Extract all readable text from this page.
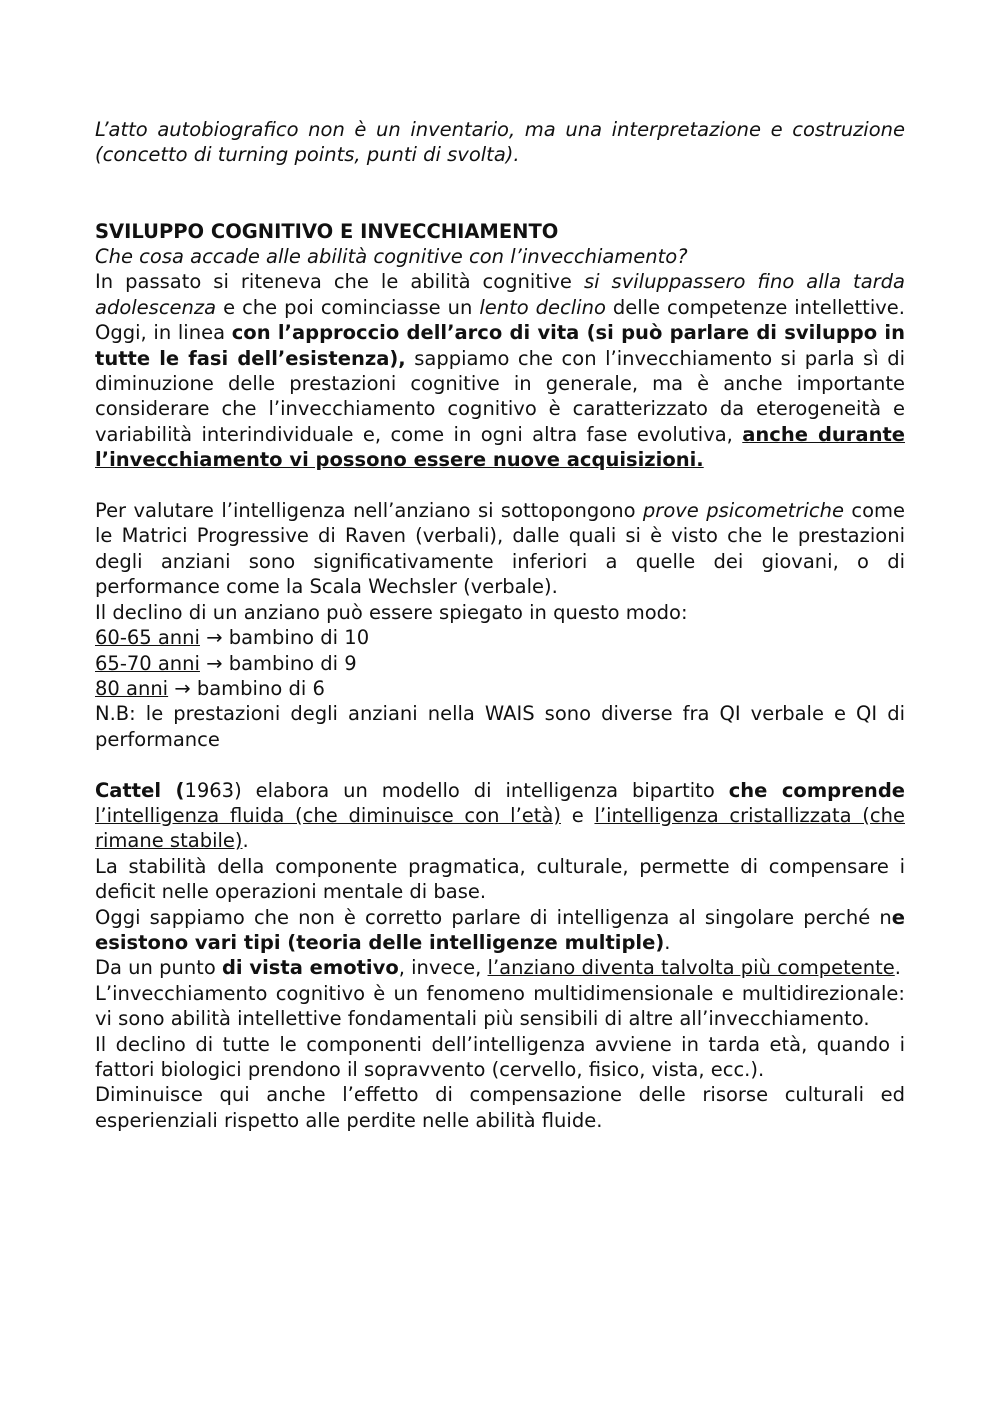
L’atto autobiografico non è un inventario, ma una interpretazione e costruzione (concetto di turning points, punti di svolta).

SVILUPPO COGNITIVO E INVECCHIAMENTO

Che cosa accade alle abilità cognitive con l’invecchiamento?

In passato si riteneva che le abilità cognitive si sviluppassero fino alla tarda adolescenza e che poi cominciasse un lento declino delle competenze intellettive. Oggi, in linea con l’approccio dell’arco di vita (si può parlare di sviluppo in tutte le fasi dell’esistenza), sappiamo che con l’invecchiamento si parla sì di diminuzione delle prestazioni cognitive in generale, ma è anche importante considerare che l’invecchiamento cognitivo è caratterizzato da eterogeneità e variabilità interindividuale e, come in ogni altra fase evolutiva, anche durante l’invecchiamento vi possono essere nuove acquisizioni.

Per valutare l’intelligenza nell’anziano si sottopongono prove psicometriche come le Matrici Progressive di Raven (verbali), dalle quali si è visto che le prestazioni degli anziani sono significativamente inferiori a quelle dei giovani, o di performance come la Scala Wechsler (verbale).

Il declino di un anziano può essere spiegato in questo modo:

60-65 anni → bambino di 10

65-70 anni → bambino di 9

80 anni → bambino di 6

N.B: le prestazioni degli anziani nella WAIS sono diverse fra QI verbale e QI di performance

Cattel (1963) elabora un modello di intelligenza bipartito che comprende l’intelligenza fluida (che diminuisce con l’età) e l’intelligenza cristallizzata (che rimane stabile).

La stabilità della componente pragmatica, culturale, permette di compensare i deficit nelle operazioni mentale di base.

Oggi sappiamo che non è corretto parlare di intelligenza al singolare perché ne esistono vari tipi (teoria delle intelligenze multiple).

Da un punto di vista emotivo, invece, l’anziano diventa talvolta più competente.

L’invecchiamento cognitivo è un fenomeno multidimensionale e multidirezionale: vi sono abilità intellettive fondamentali più sensibili di altre all’invecchiamento.

Il declino di tutte le componenti dell’intelligenza avviene in tarda età, quando i fattori biologici prendono il sopravvento (cervello, fisico, vista, ecc.).

Diminuisce qui anche l’effetto di compensazione delle risorse culturali ed esperienziali rispetto alle perdite nelle abilità fluide.
